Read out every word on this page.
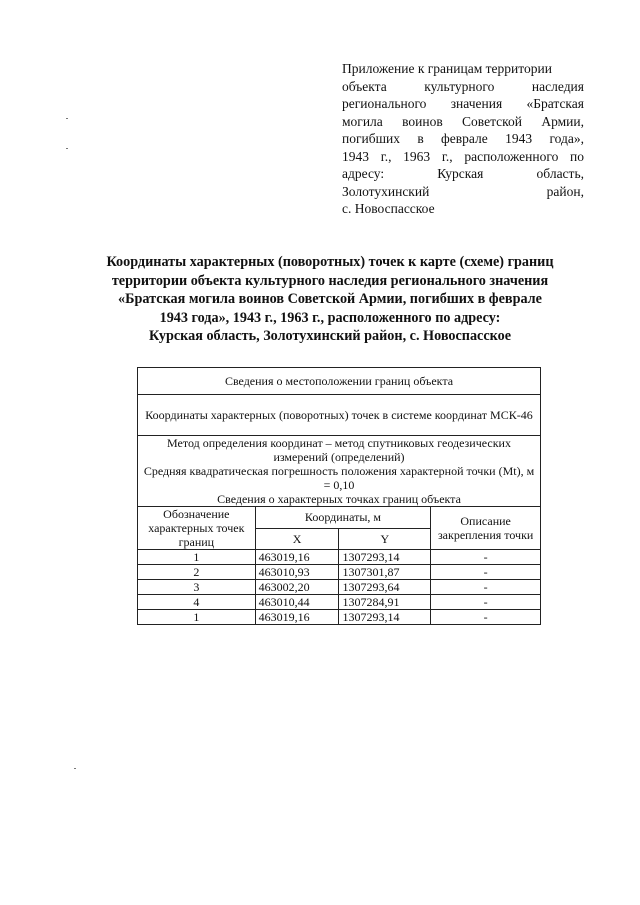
Приложение к границам территории
объекта культурного наследия
регионального значения «Братская
могила воинов Советской Армии,
погибших в феврале 1943 года»,
1943 г., 1963 г., расположенного по
адресу: Курская область,
Золотухинский район,
с. Новоспасское
Координаты характерных (поворотных) точек к карте (схеме) границ
территории объекта культурного наследия регионального значения
«Братская могила воинов Советской Армии, погибших в феврале
1943 года», 1943 г., 1963 г., расположенного по адресу:
Курская область, Золотухинский район, с. Новоспасское
Сведения о местоположении границ объекта			
Координаты характерных (поворотных) точек в системе координат МСК-46			

Метод определения координат – метод спутниковых геодезических измерений (определений)
Средняя квадратическая погрешность положения характерной точки (Mt), м = 0,10
Сведения о характерных точках границ объекта			

Обозначение характерных точек границ	Координаты, м		Описание закрепления точки
	X	Y	
1	463019,16	1307293,14	-
2	463010,93	1307301,87	-
3	463002,20	1307293,64	-
4	463010,44	1307284,91	-
1	463019,16	1307293,14	-
